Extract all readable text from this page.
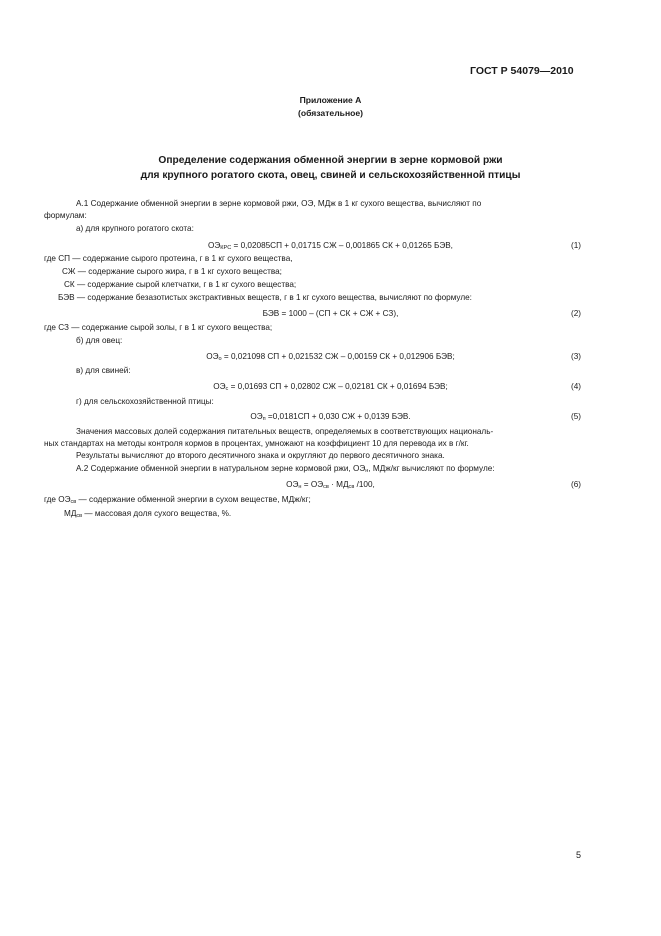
ГОСТ Р 54079—2010
Приложение А
(обязательное)
Определение содержания обменной энергии в зерне кормовой ржи
для крупного рогатого скота, овец, свиней и сельскохозяйственной птицы
А.1 Содержание обменной энергии в зерне кормовой ржи, ОЭ, МДж в 1 кг сухого вещества, вычисляют по
формулам:
а) для крупного рогатого скота:
$ОЭ_{КРС} = 0,02085СП + 0,01715$ СЖ – 0,001865 СК + 0,01265 БЭВ,	(1)
где СП — содержание сырого протеина, г в 1 кг сухого вещества,
СЖ — содержание сырого жира, г в 1 кг сухого вещества;
СК — содержание сырой клетчатки, г в 1 кг сухого вещества;
БЭВ — содержание безазотистых экстрактивных веществ, г в 1 кг сухого вещества, вычисляют по формуле:
БЭВ = 1000 – (СП + СК + СЖ + СЗ),	(2)
где СЗ — содержание сырой золы, г в 1 кг сухого вещества;
б) для овец:
$ОЭ_о = 0,021098$ СП + 0,021532 СЖ – 0,00159 СК + 0,012906 БЭВ;	(3)
в) для свиней:
$ОЭ_с = 0,01693$ СП + 0,02802 СЖ – 0,02181 СК + 0,01694 БЭВ;	(4)
г) для сельскохозяйственной птицы:
$ОЭ_п =0,0181СП + 0,030$ СЖ + 0,0139 БЭВ.	(5)
Значения массовых долей содержания питательных веществ, определяемых в соответствующих националь-
ных стандартах на методы контроля кормов в процентах, умножают на коэффициент 10 для перевода их в г/кг.
Результаты вычисляют до второго десятичного знака и округляют до первого десятичного знака.
А.2 Содержание обменной энергии в натуральном зерне кормовой ржи, $ОЭ_н$, МДж/кг вычисляют по формуле:
$ОЭ_н = ОЭ_{св} \cdot МД_{св}$ /100,	(6)
где $ОЭ_{св}$ — содержание обменной энергии в сухом веществе, МДж/кг;
$МД_{св}$ — массовая доля сухого вещества, %.
5
